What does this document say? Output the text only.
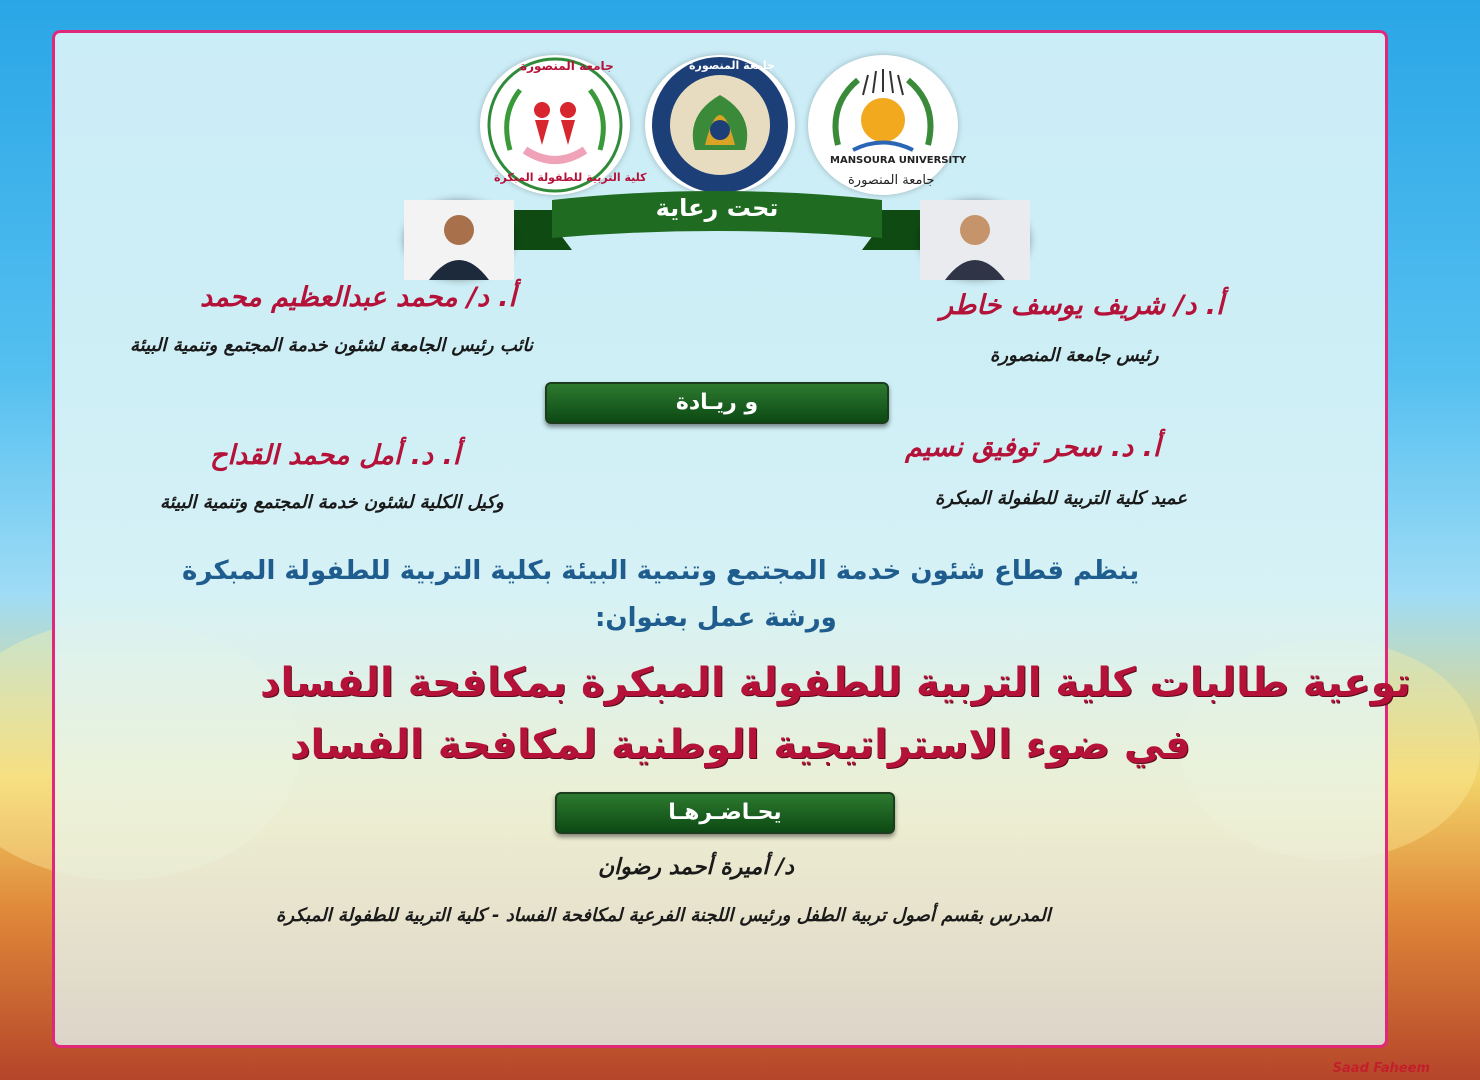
جامعة المنصورة
كلية التربية للطفولة المبكرة
جامعة المنصورة
MANSOURA UNIVERSITY
جامعة المنصورة
تحت رعاية
أ. د/ شريف يوسف خاطر
رئيس جامعة المنصورة
أ. د/ محمد عبدالعظيم محمد
نائب رئيس الجامعة لشئون خدمة المجتمع وتنمية البيئة
و ريـادة
أ. د. سحر توفيق نسيم
عميد كلية التربية للطفولة المبكرة
أ. د. أمل محمد القداح
وكيل الكلية لشئون خدمة المجتمع وتنمية البيئة
ينظم قطاع شئون خدمة المجتمع وتنمية البيئة بكلية التربية للطفولة المبكرة
ورشة عمل بعنوان:
توعية طالبات كلية التربية للطفولة المبكرة بمكافحة الفساد
في ضوء الاستراتيجية الوطنية لمكافحة الفساد
يحـاضـرهـا
د/ أميرة أحمد رضوان
المدرس بقسم أصول تربية الطفل ورئيس اللجنة الفرعية لمكافحة الفساد - كلية التربية للطفولة المبكرة
Saad Faheem
